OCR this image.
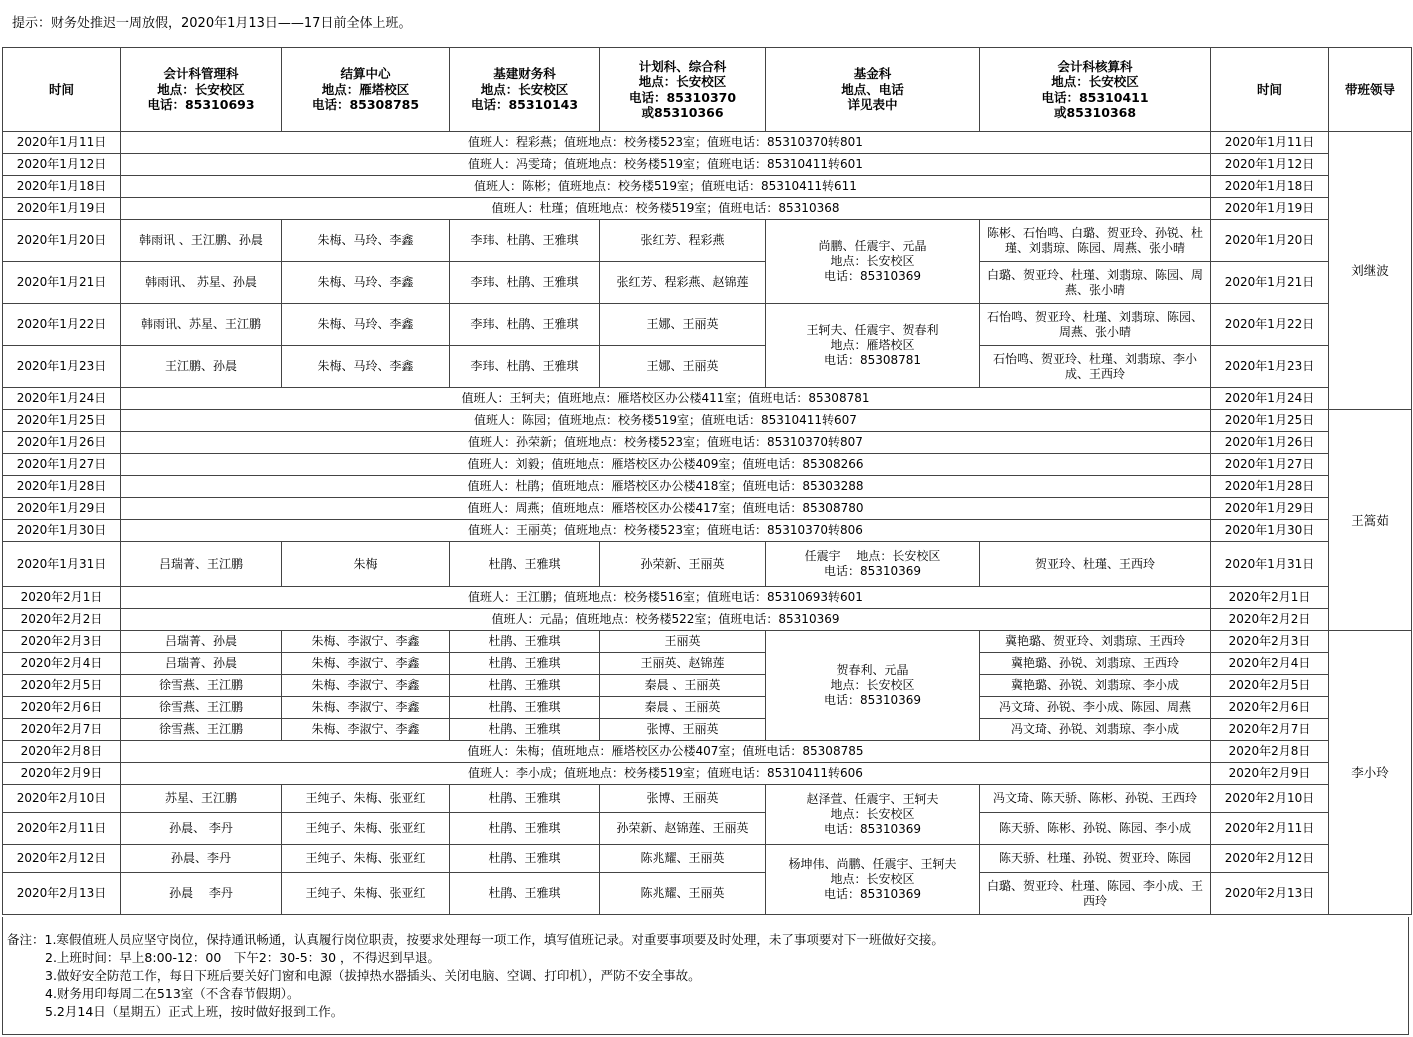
提示：财务处推迟一周放假，2020年1月13日——17日前全体上班。
时间	会计科管理科
地点：长安校区
电话：85310693	结算中心
地点：雁塔校区
电话：85308785	基建财务科
地点：长安校区
电话：85310143	计划科、综合科
地点：长安校区
电话：85310370
或85310366	基金科
地点、电话
详见表中	会计科核算科
地点：长安校区
电话：85310411
或85310368	时间	带班领导

2020年1月11日	值班人：程彩燕；值班地点：校务楼523室；值班电话：85310370转801						2020年1月11日	刘继波
2020年1月12日	值班人：冯雯琦；值班地点：校务楼519室；值班电话：85310411转601						2020年1月12日	
2020年1月18日	值班人：陈彬；值班地点：校务楼519室；值班电话：85310411转611						2020年1月18日	
2020年1月19日	值班人：杜瑾；值班地点：校务楼519室；值班电话：85310368						2020年1月19日	
2020年1月20日	韩雨讯 、王江鹏、孙晨	朱梅、马玲、李鑫	李玮、杜鹃、王雅琪	张红芳、程彩燕	尚鹏、任震宇、元晶
地点：长安校区
电话：85310369	陈彬、石怡鸣、白璐、贺亚玲、孙锐、杜瑾、刘翡琼、陈园、周燕、张小晴	2020年1月20日	
2020年1月21日	韩雨讯、 苏星、孙晨	朱梅、马玲、李鑫	李玮、杜鹃、王雅琪	张红芳、程彩燕、赵锦莲		白璐、贺亚玲、杜瑾、刘翡琼、陈园、周燕、张小晴	2020年1月21日	
2020年1月22日	韩雨讯、苏星、王江鹏	朱梅、马玲、李鑫	李玮、杜鹃、王雅琪	王娜、王丽英	王轲夫、任震宇、贺春利
地点：雁塔校区
电话：85308781	石怡鸣、贺亚玲、杜瑾、刘翡琼、陈园、周燕、张小晴	2020年1月22日	
2020年1月23日	王江鹏、孙晨	朱梅、马玲、李鑫	李玮、杜鹃、王雅琪	王娜、王丽英		石怡鸣、贺亚玲、杜瑾、刘翡琼、李小成、王西玲	2020年1月23日	
2020年1月24日	值班人：王轲夫；值班地点：雁塔校区办公楼411室；值班电话：85308781						2020年1月24日	
2020年1月25日	值班人：陈园；值班地点：校务楼519室；值班电话：85310411转607						2020年1月25日	王篙茹
2020年1月26日	值班人：孙荣新；值班地点：校务楼523室；值班电话：85310370转807						2020年1月26日	
2020年1月27日	值班人：刘毅；值班地点：雁塔校区办公楼409室；值班电话：85308266						2020年1月27日	
2020年1月28日	值班人：杜鹃；值班地点：雁塔校区办公楼418室；值班电话：85303288						2020年1月28日	
2020年1月29日	值班人：周燕；值班地点：雁塔校区办公楼417室；值班电话：85308780						2020年1月29日	
2020年1月30日	值班人：王丽英；值班地点：校务楼523室；值班电话：85310370转806						2020年1月30日	
2020年1月31日	吕瑞菁、王江鹏	朱梅	杜鹃、王雅琪	孙荣新、王丽英	任震宇　 地点：长安校区
电话：85310369	贺亚玲、杜瑾、王西玲	2020年1月31日	
2020年2月1日	值班人：王江鹏；值班地点：校务楼516室；值班电话：85310693转601						2020年2月1日	
2020年2月2日	值班人：元晶；值班地点：校务楼522室；值班电话：85310369						2020年2月2日	
2020年2月3日	吕瑞菁、孙晨	朱梅、李淑宁、李鑫	杜鹃、王雅琪	王丽英	贺春利、元晶
地点：长安校区
电话：85310369	冀艳璐、贺亚玲、刘翡琼、王西玲	2020年2月3日	李小玲
2020年2月4日	吕瑞菁、孙晨	朱梅、李淑宁、李鑫	杜鹃、王雅琪	王丽英、赵锦莲		冀艳璐、孙锐、刘翡琼、王西玲	2020年2月4日	
2020年2月5日	徐雪燕、王江鹏	朱梅、李淑宁、李鑫	杜鹃、王雅琪	秦晨 、王丽英		冀艳璐、孙锐、刘翡琼、李小成	2020年2月5日	
2020年2月6日	徐雪燕、王江鹏	朱梅、李淑宁、李鑫	杜鹃、王雅琪	秦晨 、王丽英		冯文琦、孙锐、李小成、陈园、周燕	2020年2月6日	
2020年2月7日	徐雪燕、王江鹏	朱梅、李淑宁、李鑫	杜鹃、王雅琪	张博、王丽英		冯文琦、孙锐、刘翡琼、李小成	2020年2月7日	
2020年2月8日	值班人：朱梅；值班地点：雁塔校区办公楼407室；值班电话：85308785						2020年2月8日	
2020年2月9日	值班人：李小成；值班地点：校务楼519室；值班电话：85310411转606						2020年2月9日	
2020年2月10日	苏星、王江鹏	王纯子、朱梅、张亚红	杜鹃、王雅琪	张博、王丽英	赵泽萱、任震宇、王轲夫
地点：长安校区
电话：85310369	冯文琦、陈天骄、陈彬、孙锐、王西玲	2020年2月10日	
2020年2月11日	孙晨、 李丹	王纯子、朱梅、张亚红	杜鹃、王雅琪	孙荣新、赵锦莲、王丽英		陈天骄、陈彬、孙锐、陈园、李小成	2020年2月11日	
2020年2月12日	孙晨、李丹	王纯子、朱梅、张亚红	杜鹃、王雅琪	陈兆耀、王丽英	杨坤伟、尚鹏、任震宇、王轲夫
地点：长安校区
电话：85310369	陈天骄、杜瑾、孙锐、贺亚玲、陈园	2020年2月12日	
2020年2月13日	孙晨　 李丹	王纯子、朱梅、张亚红	杜鹃、王雅琪	陈兆耀、王丽英		白璐、贺亚玲、杜瑾、陈园、李小成、王西玲	2020年2月13日	
备注：1.寒假值班人员应坚守岗位，保持通讯畅通，认真履行岗位职责，按要求处理每一项工作，填写值班记录。对重要事项要及时处理，未了事项要对下一班做好交接。
2.上班时间：早上8:00-12：00　下午2：30-5：30 ，不得迟到早退。
3.做好安全防范工作，每日下班后要关好门窗和电源（拔掉热水器插头、关闭电脑、空调、打印机），严防不安全事故。
4.财务用印每周二在513室（不含春节假期）。
5.2月14日（星期五）正式上班，按时做好报到工作。
